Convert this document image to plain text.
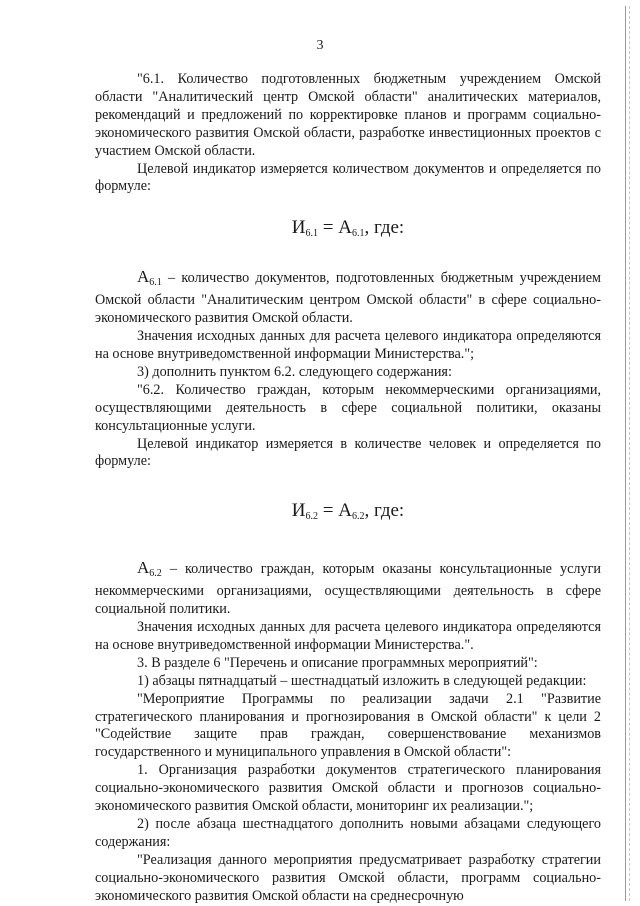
3

"6.1. Количество подготовленных бюджетным учреждением Омской области "Аналитический центр Омской области" аналитических материалов, рекомендаций и предложений по корректировке планов и программ социально-экономического развития Омской области, разработке инвестиционных проектов с участием Омской области.

Целевой индикатор измеряется количеством документов и определяется по формуле:

$И_{6.1} = А_{6.1}$, где:

$А_{6.1}$ – количество документов, подготовленных бюджетным учреждением Омской области "Аналитическим центром Омской области" в сфере социально-экономического развития Омской области.

Значения исходных данных для расчета целевого индикатора определяются на основе внутриведомственной информации Министерства.";

3) дополнить пунктом 6.2. следующего содержания:

"6.2. Количество граждан, которым некоммерческими организациями, осуществляющими деятельность в сфере социальной политики, оказаны консультационные услуги.

Целевой индикатор измеряется в количестве человек и определяется по формуле:

$И_{6.2} = А_{6.2}$, где:

$А_{6.2}$ – количество граждан, которым оказаны консультационные услуги некоммерческими организациями, осуществляющими деятельность в сфере социальной политики.

Значения исходных данных для расчета целевого индикатора определяются на основе внутриведомственной информации Министерства.".

3. В разделе 6 "Перечень и описание программных мероприятий":

1) абзацы пятнадцатый – шестнадцатый изложить в следующей редакции:

"Мероприятие Программы по реализации задачи 2.1 "Развитие стратегического планирования и прогнозирования в Омской области" к цели 2 "Содействие защите прав граждан, совершенствование механизмов государственного и муниципального управления в Омской области":

1. Организация разработки документов стратегического планирования социально-экономического развития Омской области и прогнозов социально-экономического развития Омской области, мониторинг их реализации.";

2) после абзаца шестнадцатого дополнить новыми абзацами следующего содержания:

"Реализация данного мероприятия предусматривает разработку стратегии социально-экономического развития Омской области, программ социально-экономического развития Омской области на среднесрочную
